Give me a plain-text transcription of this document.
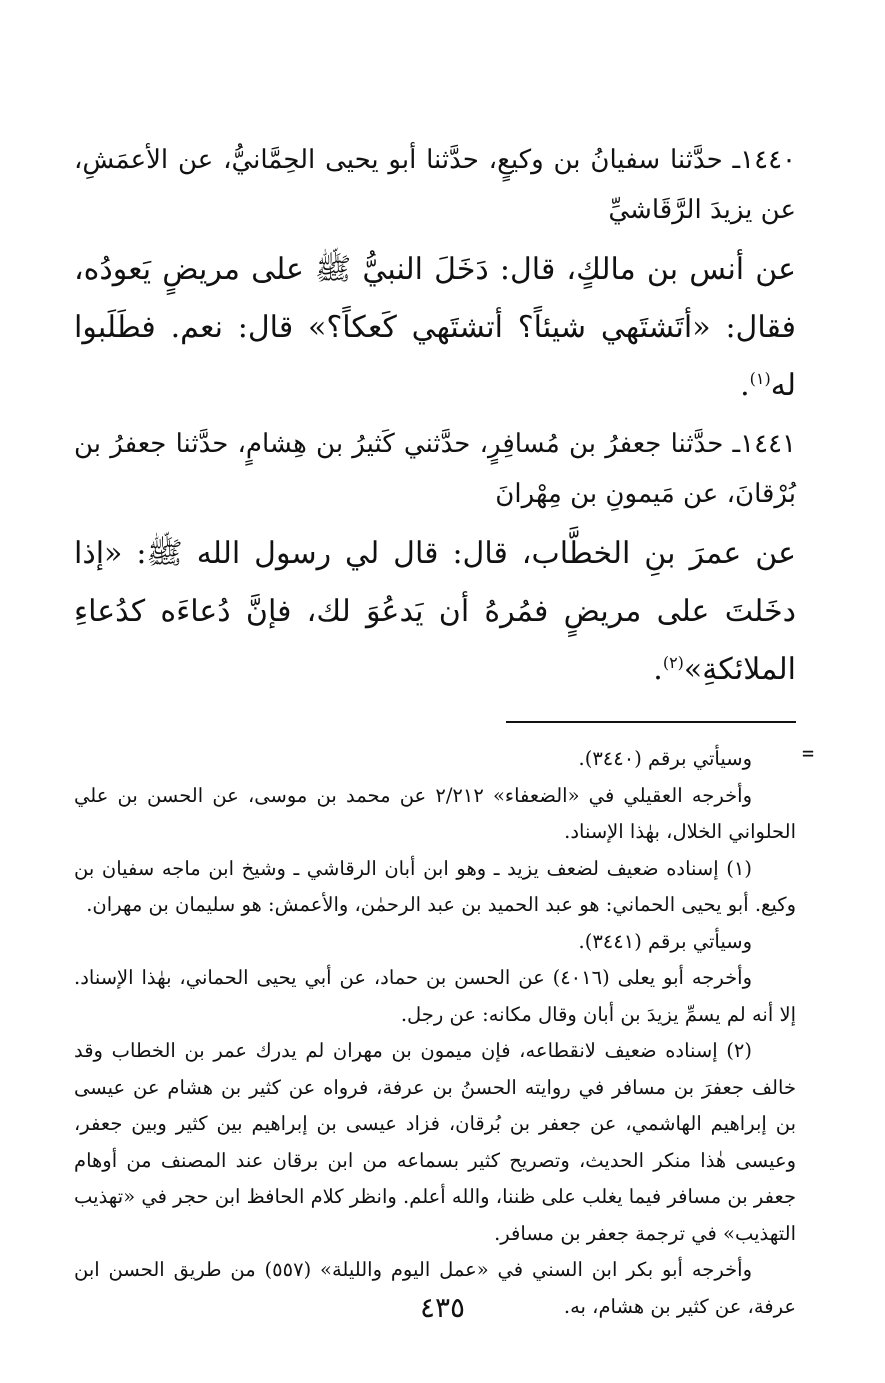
١٤٤٠ـ حدَّثنا سفيانُ بن وكيعٍ، حدَّثنا أبو يحيى الحِمَّانيُّ، عن الأعمَشِ، عن يزيدَ الرَّقَاشيِّ

عن أنس بن مالكٍ، قال: دَخَلَ النبيُّ ﷺ على مريضٍ يَعودُه، فقال: «أتَشتَهي شيئاً؟ أتشتَهي كَعكاً؟» قال: نعم. فطَلَبوا له$^{(١)}$.

١٤٤١ـ حدَّثنا جعفرُ بن مُسافِرٍ، حدَّثني كَثيرُ بن هِشامٍ، حدَّثنا جعفرُ بن بُرْقانَ، عن مَيمونِ بن مِهْرانَ

عن عمرَ بنِ الخطَّاب، قال: قال لي رسول الله ﷺ: «إذا دخَلتَ على مريضٍ فمُرهُ أن يَدعُوَ لك، فإنَّ دُعاءَه كدُعاءِ الملائكةِ»$^{(٢)}$.

=

وسيأتي برقم (٣٤٤٠).

وأخرجه العقيلي في «الضعفاء» ٢/٢١٢ عن محمد بن موسى، عن الحسن بن علي الحلواني الخلال، بهٰذا الإسناد.

(١) إسناده ضعيف لضعف يزيد ـ وهو ابن أبان الرقاشي ـ وشيخ ابن ماجه سفيان بن وكيع. أبو يحيى الحماني: هو عبد الحميد بن عبد الرحمٰن، والأعمش: هو سليمان بن مهران.

وسيأتي برقم (٣٤٤١).

وأخرجه أبو يعلى (٤٠١٦) عن الحسن بن حماد، عن أبي يحيى الحماني، بهٰذا الإسناد. إلا أنه لم يسمِّ يزيدَ بن أبان وقال مكانه: عن رجل.

(٢) إسناده ضعيف لانقطاعه، فإن ميمون بن مهران لم يدرك عمر بن الخطاب وقد خالف جعفرَ بن مسافر في روايته الحسنُ بن عرفة، فرواه عن كثير بن هشام عن عيسى بن إبراهيم الهاشمي، عن جعفر بن بُرقان، فزاد عيسى بن إبراهيم بين كثير وبين جعفر، وعيسى هٰذا منكر الحديث، وتصريح كثير بسماعه من ابن برقان عند المصنف من أوهام جعفر بن مسافر فيما يغلب على ظننا، والله أعلم. وانظر كلام الحافظ ابن حجر في «تهذيب التهذيب» في ترجمة جعفر بن مسافر.

وأخرجه أبو بكر ابن السني في «عمل اليوم والليلة» (٥٥٧) من طريق الحسن ابن عرفة، عن كثير بن هشام، به.

٤٣٥
